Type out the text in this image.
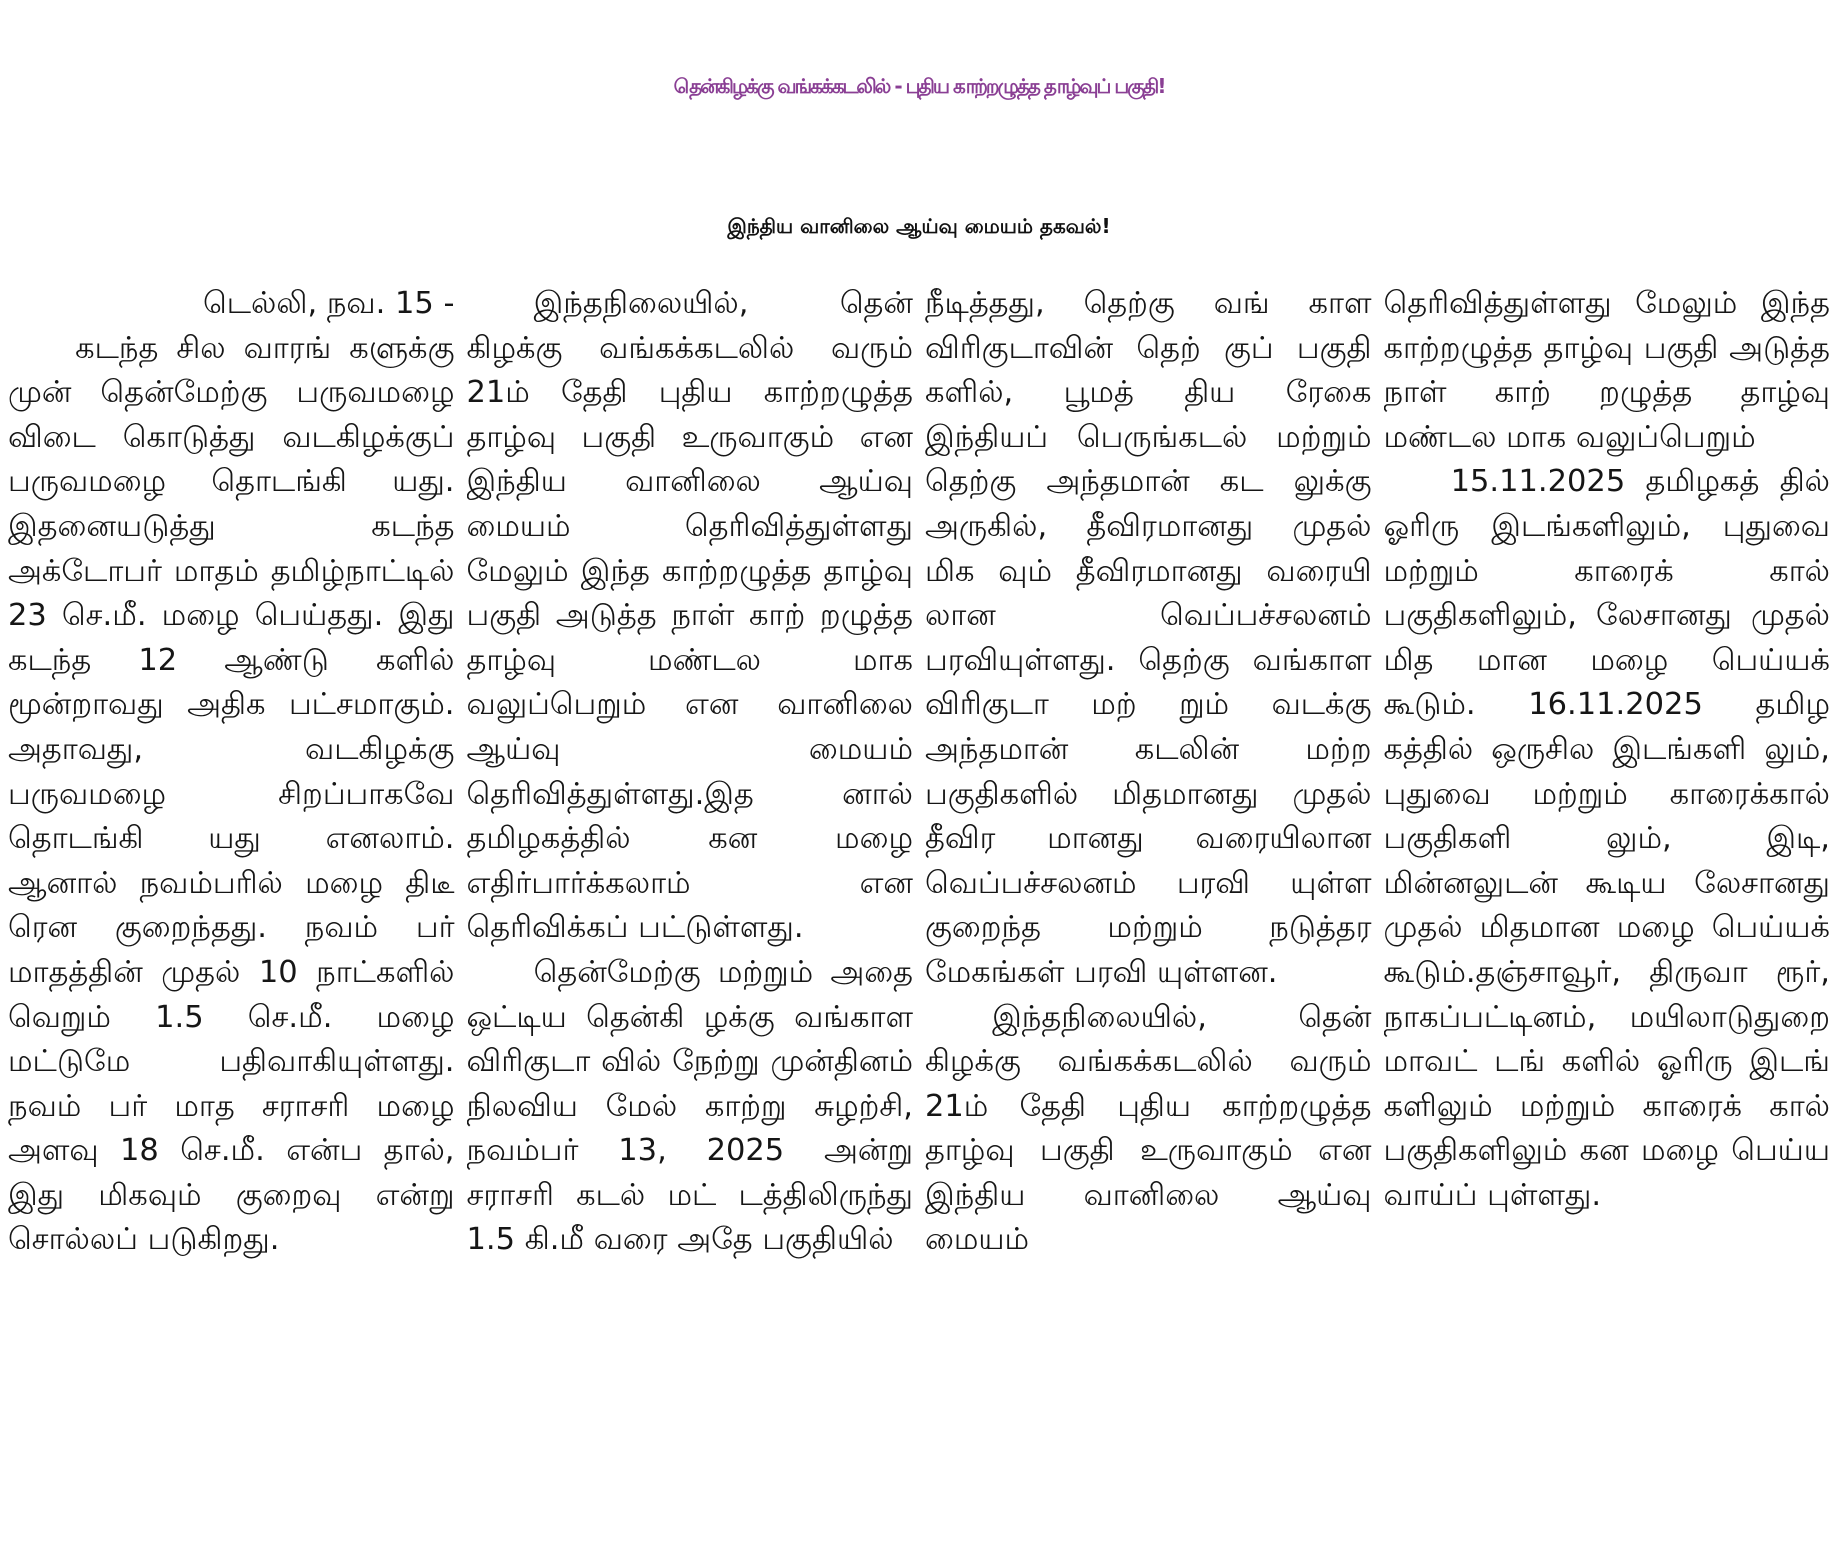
தென்கிழக்கு வங்கக்கடலில் - புதிய காற்றழுத்த தாழ்வுப் பகுதி!
இந்திய வானிலை ஆய்வு மையம் தகவல்!

டெல்லி, நவ. 15 -

கடந்த சில வாரங் களுக்கு முன் தென்மேற்கு பருவமழை விடை கொடுத்து வடகிழக்குப் பருவமழை தொடங்கி யது. இதனையடுத்து கடந்த அக்டோபர் மாதம் தமிழ்நாட்டில் 23 செ.மீ. மழை பெய்தது. இது கடந்த 12 ஆண்டு களில் மூன்றாவது அதிக பட்சமாகும். அதாவது, வடகிழக்கு பருவமழை சிறப்பாகவே தொடங்கி யது எனலாம். ஆனால் நவம்பரில் மழை திடீ ரென குறைந்தது. நவம் பர் மாதத்தின் முதல் 10 நாட்களில் வெறும் 1.5 செ.மீ. மழை மட்டுமே பதிவாகியுள்ளது. நவம் பர் மாத சராசரி மழை அளவு 18 செ.மீ. என்ப தால், இது மிகவும் குறைவு என்று சொல்லப் படுகிறது.

இந்தநிலையில், தென் கிழக்கு வங்கக்கடலில் வரும் 21ம் தேதி புதிய காற்றழுத்த தாழ்வு பகுதி உருவாகும் என இந்திய வானிலை ஆய்வு மையம் தெரிவித்துள்ளது மேலும் இந்த காற்றழுத்த தாழ்வு பகுதி அடுத்த நாள் காற் றழுத்த தாழ்வு மண்டல மாக வலுப்பெறும் என வானிலை ஆய்வு மையம் தெரிவித்துள்ளது.இத னால் தமிழகத்தில் கன மழை எதிர்பார்க்கலாம் என தெரிவிக்கப் பட்டுள்ளது.

தென்மேற்கு மற்றும் அதை ஒட்டிய தென்கி ழக்கு வங்காள விரிகுடா வில் நேற்று முன்தினம் நிலவிய மேல் காற்று சுழற்சி, நவம்பர் 13, 2025 அன்று சராசரி கடல் மட் டத்திலிருந்து 1.5 கி.மீ வரை அதே பகுதியில்

நீடித்தது, தெற்கு வங் காள விரிகுடாவின் தெற் குப் பகுதி களில், பூமத் திய ரேகை இந்தியப் பெருங்கடல் மற்றும் தெற்கு அந்தமான் கட லுக்கு அருகில், தீவிரமானது முதல் மிக வும் தீவிரமானது வரையி லான வெப்பச்சலனம் பரவியுள்ளது. தெற்கு வங்காள விரிகுடா மற் றும் வடக்கு அந்தமான் கடலின் மற்ற பகுதிகளில் மிதமானது முதல் தீவிர மானது வரையிலான வெப்பச்சலனம் பரவி யுள்ள குறைந்த மற்றும் நடுத்தர மேகங்கள் பரவி யுள்ளன.

இந்தநிலையில், தென் கிழக்கு வங்கக்கடலில் வரும் 21ம் தேதி புதிய காற்றழுத்த தாழ்வு பகுதி உருவாகும் என இந்திய வானிலை ஆய்வு மையம்

தெரிவித்துள்ளது மேலும் இந்த காற்றழுத்த தாழ்வு பகுதி அடுத்த நாள் காற் றழுத்த தாழ்வு மண்டல மாக வலுப்பெறும்

15.11.2025 தமிழகத் தில் ஓரிரு இடங்களிலும், புதுவை மற்றும் காரைக் கால் பகுதிகளிலும், லேசானது முதல் மித மான மழை பெய்யக் கூடும். 16.11.2025 தமிழ கத்தில் ஒருசில இடங்களி லும், புதுவை மற்றும் காரைக்கால் பகுதிகளி லும், இடி, மின்னலுடன் கூடிய லேசானது முதல் மிதமான மழை பெய்யக் கூடும்.தஞ்சாவூர், திருவா ரூர், நாகப்பட்டினம், மயிலாடுதுறை மாவட் டங் களில் ஓரிரு இடங் களிலும் மற்றும் காரைக் கால் பகுதிகளிலும் கன மழை பெய்ய வாய்ப் புள்ளது.
